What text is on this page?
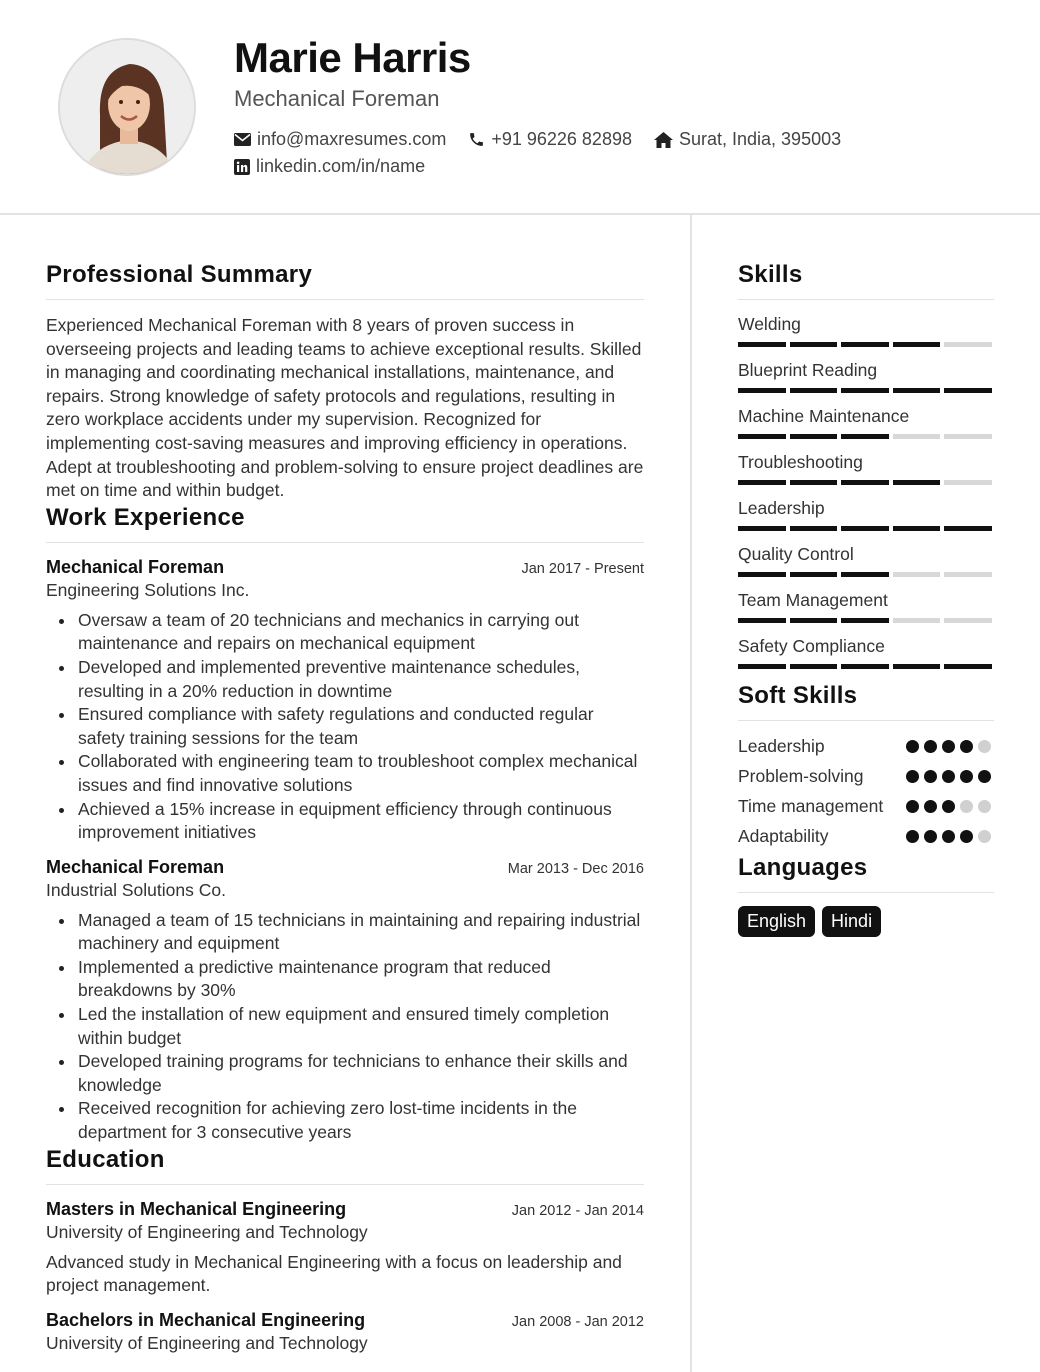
Marie Harris
Mechanical Foreman
info@maxresumes.com	+91 96226 82898	Surat, India, 395003
linkedin.com/in/name
Professional Summary
Experienced Mechanical Foreman with 8 years of proven success in overseeing projects and leading teams to achieve exceptional results. Skilled in managing and coordinating mechanical installations, maintenance, and repairs. Strong knowledge of safety protocols and regulations, resulting in zero workplace accidents under my supervision. Recognized for implementing cost-saving measures and improving efficiency in operations. Adept at troubleshooting and problem-solving to ensure project deadlines are met on time and within budget.
Work Experience
Mechanical Foreman	Jan 2017 - Present
Engineering Solutions Inc.
Oversaw a team of 20 technicians and mechanics in carrying out maintenance and repairs on mechanical equipment
Developed and implemented preventive maintenance schedules, resulting in a 20% reduction in downtime
Ensured compliance with safety regulations and conducted regular safety training sessions for the team
Collaborated with engineering team to troubleshoot complex mechanical issues and find innovative solutions
Achieved a 15% increase in equipment efficiency through continuous improvement initiatives
Mechanical Foreman	Mar 2013 - Dec 2016
Industrial Solutions Co.
Managed a team of 15 technicians in maintaining and repairing industrial machinery and equipment
Implemented a predictive maintenance program that reduced breakdowns by 30%
Led the installation of new equipment and ensured timely completion within budget
Developed training programs for technicians to enhance their skills and knowledge
Received recognition for achieving zero lost-time incidents in the department for 3 consecutive years
Education
Masters in Mechanical Engineering	Jan 2012 - Jan 2014
University of Engineering and Technology
Advanced study in Mechanical Engineering with a focus on leadership and project management.
Bachelors in Mechanical Engineering	Jan 2008 - Jan 2012
University of Engineering and Technology
Skills
Welding
Blueprint Reading
Machine Maintenance
Troubleshooting
Leadership
Quality Control
Team Management
Safety Compliance
Soft Skills
Leadership
Problem-solving
Time management
Adaptability
Languages
English	Hindi
